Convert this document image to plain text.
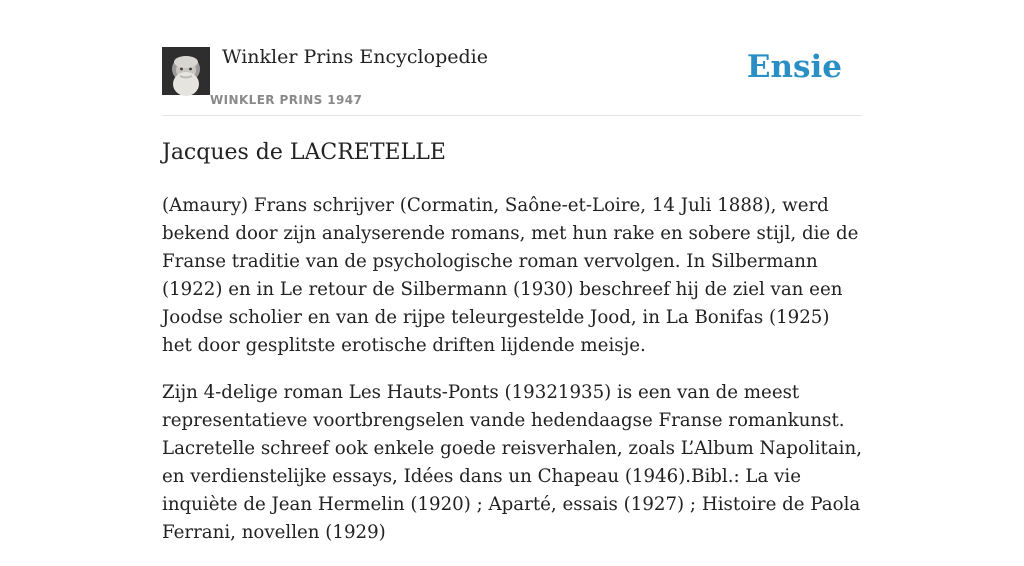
Winkler Prins Encyclopedie
WINKLER PRINS 1947
Ensie
Jacques de LACRETELLE

(Amaury) Frans schrijver (Cormatin, Saône-et-Loire, 14 Juli 1888), werd bekend door zijn analyserende romans, met hun rake en sobere stijl, die de Franse traditie van de psychologische roman vervolgen. In Silbermann (1922) en in Le retour de Silbermann (1930) beschreef hij de ziel van een Joodse scholier en van de rijpe teleurgestelde Jood, in La Bonifas (1925) het door gesplitste erotische driften lijdende meisje.

Zijn 4-delige roman Les Hauts-Ponts (19321935) is een van de meest representatieve voortbrengselen vande hedendaagse Franse romankunst. Lacretelle schreef ook enkele goede reisverhalen, zoals L’Album Napolitain, en verdienstelijke essays, Idées dans un Chapeau (1946).Bibl.: La vie inquiète de Jean Hermelin (1920) ; Aparté, essais (1927) ; Histoire de Paola Ferrani, novellen (1929)
